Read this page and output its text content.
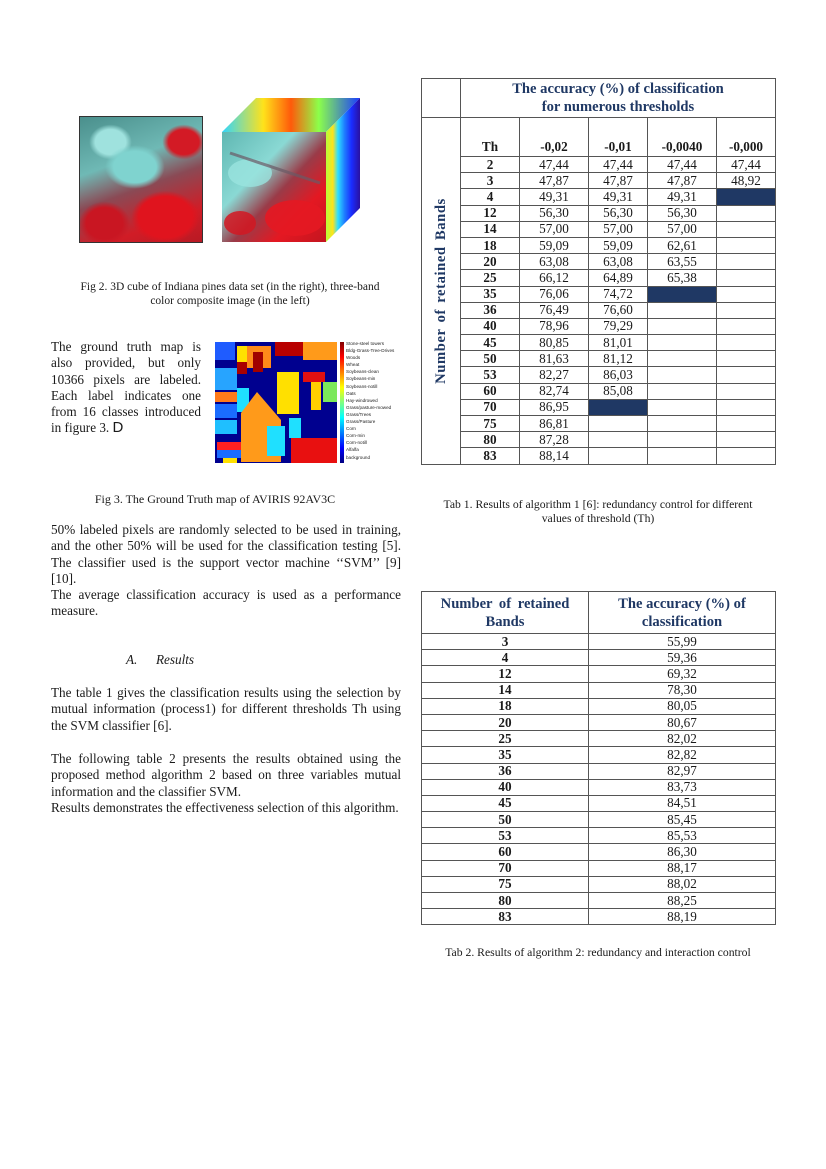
Fig 2. 3D cube of Indiana pines data set (in the right), three-band
color composite image (in the left)
The ground truth map is also provided, but only 10366 pixels are labeled. Each label indicates one from 16 classes introduced in figure 3. D
Stone-steel towers
Bldg-Grass-Tree-Drives
Woods
Wheat
Soybeans-clean
Soybeans-min
Soybeans-notill
Oats
Hay-windrowed
Grass/pasture-mowed
Grass/Trees
Grass/Pasture
Corn
Corn-min
Corn-notill
Alfalfa
background
Fig 3. The Ground Truth map of AVIRIS 92AV3C
50% labeled pixels are randomly selected to be used in training, and the other 50% will be used for the classification testing [5]. The classifier used is the support vector machine ‘‘SVM’’ [9] [10].
The average classification accuracy is used as a performance measure.
A. Results
The table 1 gives the classification results using the selection by mutual information (process1) for different thresholds Th using the SVM classifier [6].
The following table 2 presents the results obtained using the proposed method algorithm 2 based on three variables mutual information and the classifier SVM.
Results demonstrates the effectiveness selection of this algorithm.

	The accuracy (%) of classification for numerous thresholds				

Number of retained Bands	Th	-0,02	-0,01	-0,0040	-0,000
	2	47,44	47,44	47,44	47,44
	3	47,87	47,87	47,87	48,92
	4	49,31	49,31	49,31	
	12	56,30	56,30	56,30	
	14	57,00	57,00	57,00	
	18	59,09	59,09	62,61	
	20	63,08	63,08	63,55	
	25	66,12	64,89	65,38	
	35	76,06	74,72		
	36	76,49	76,60		
	40	78,96	79,29		
	45	80,85	81,01		
	50	81,63	81,12		
	53	82,27	86,03		
	60	82,74	85,08		
	70	86,95			
	75	86,81			
	80	87,28			
	83	88,14			
Tab 1. Results of algorithm 1 [6]: redundancy control for different
values of threshold (Th)
Number of retained Bands	The accuracy (%) of classification

3	55,99
4	59,36
12	69,32
14	78,30
18	80,05
20	80,67
25	82,02
35	82,82
36	82,97
40	83,73
45	84,51
50	85,45
53	85,53
60	86,30
70	88,17
75	88,02
80	88,25
83	88,19
Tab 2. Results of algorithm 2: redundancy and interaction control
